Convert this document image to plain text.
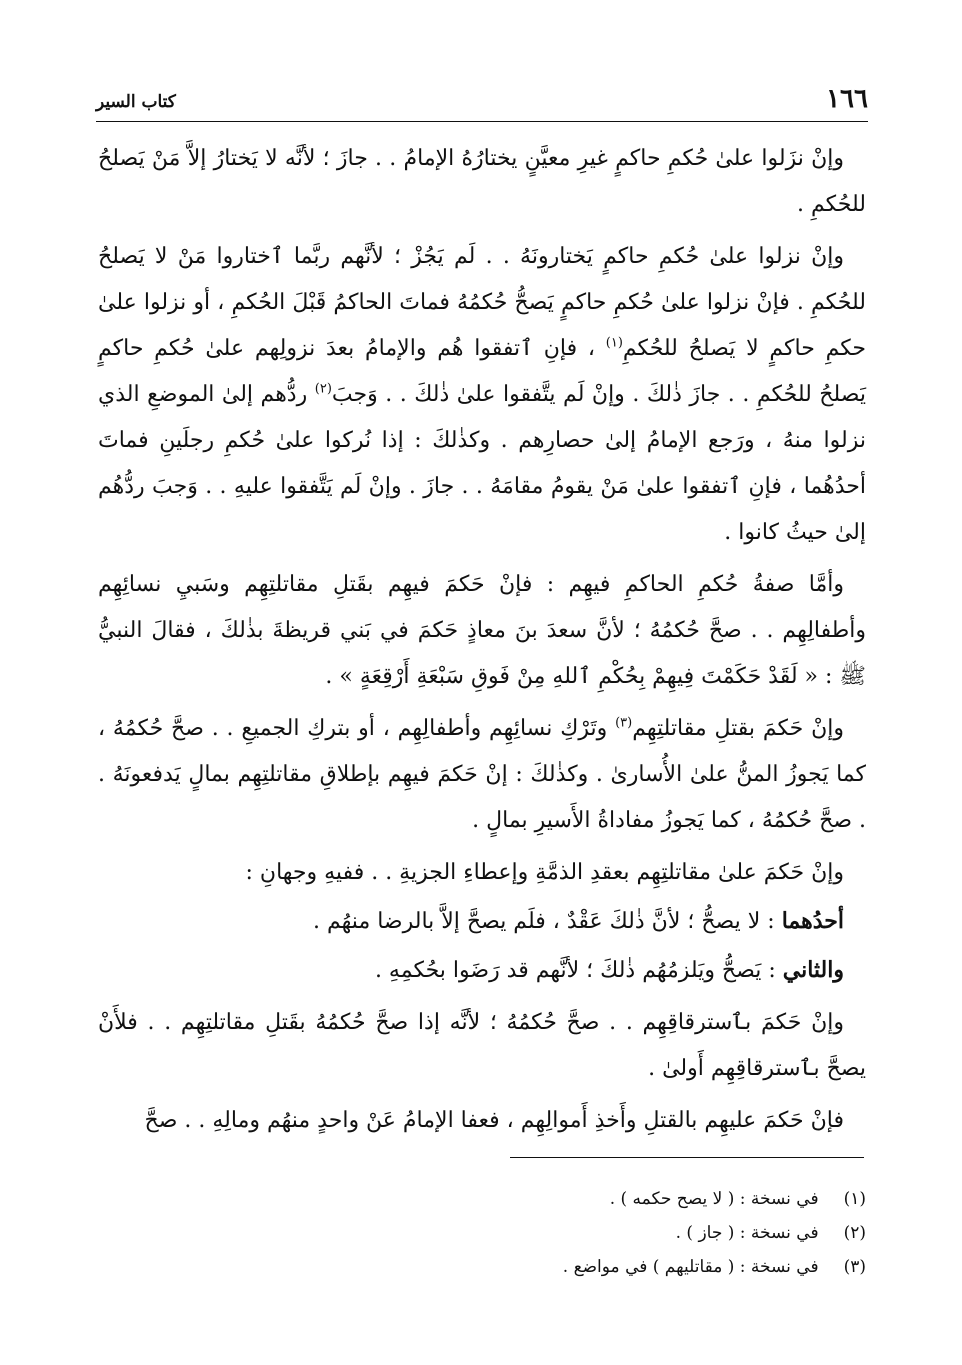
١٦٦
كتاب السير

وإنْ نزَلوا علىٰ حُكمِ حاكمٍ غيرِ معيَّنٍ يختارُهُ الإمامُ . . جازَ ؛ لأنَّه لا يَختارُ إلاَّ مَنْ يَصلحُ للحُكمِ .

وإنْ نزلوا علىٰ حُكمِ حاكمٍ يَختارونَهُ . . لَم يَجُزْ ؛ لأنَّهم ربَّما ٱختاروا مَنْ لا يَصلحُ للحُكمِ . فإنْ نزلوا علىٰ حُكمِ حاكمٍ يَصحُّ حُكمُهُ فماتَ الحاكمُ قَبْلَ الحُكمِ ، أو نزلوا علىٰ حكمِ حاكمٍ لا يَصلحُ للحُكمِ$^{(١)}$ ، فإنِ ٱتفقوا هُم والإمامُ بعدَ نزولِهم علىٰ حُكمِ حاكمٍ يَصلحُ للحُكمِ . . جازَ ذٰلكَ . وإنْ لَم يتَّفقوا علىٰ ذٰلكَ . . وَجبَ$^{(٢)}$ ردُّهم إلىٰ الموضعِ الذي نزلوا منهُ ، ورَجع الإمامُ إلىٰ حصارِهم . وكذٰلكَ : إذا نُركوا علىٰ حُكمِ رجلَينِ فماتَ أحدُهُما ، فإنِ ٱتفقوا علىٰ مَنْ يقومُ مقامَهُ . . جازَ . وإنْ لَم يَتَّفقوا عليهِ . . وَجبَ ردُّهُم إلىٰ حيثُ كانوا .

وأمَّا صفةُ حُكمِ الحاكمِ فيهِم : فإنْ حَكمَ فيهِم بقَتلِ مقاتلتِهِم وسَبيِ نسائِهِم وأطفالِهِم . . صحَّ حُكمُهُ ؛ لأنَّ سعدَ بنَ معاذٍ حَكمَ في بَني قريظةَ بذٰلكَ ، فقالَ النبيُّ ﷺ : « لَقَدْ حَكَمْتَ فِيهِمْ بِحُكْمِ ٱللهِ مِنْ فَوقِ سَبْعَةِ أَرْقِعَةٍ » .

وإنْ حَكمَ بقتلِ مقاتلتِهِم$^{(٣)}$ وتَرْكِ نسائِهِم وأطفالِهِم ، أو بتركِ الجميعِ . . صحَّ حُكمُهُ ، كما يَجوزُ المنُّ علىٰ الأُسارىٰ . وكذٰلكَ : إنْ حَكمَ فيهِم بإطلاقِ مقاتلتِهِم بمالٍ يَدفعونَهُ . . صحَّ حُكمُهُ ، كما يَجوزُ مفاداةُ الأَسيرِ بمالٍ .

وإنْ حَكمَ علىٰ مقاتلتِهِم بعقدِ الذمَّةِ وإعطاءِ الجزيةِ . . ففيهِ وجهانِ :

أحدُهما : لا يصحُّ ؛ لأنَّ ذٰلكَ عَقْدٌ ، فلَم يصحَّ إلاَّ بالرضا منهُم .

والثاني : يَصحُّ ويَلزمُهُم ذٰلكَ ؛ لأنَّهم قد رَضَوا بحُكمِهِ .

وإنْ حَكمَ بٱسترقاقِهِم . . صحَّ حُكمُهُ ؛ لأنَّه إذا صحَّ حُكمُهُ بقَتلِ مقاتلتِهِم . . فلأَنْ يصحَّ بٱسترقاقِهِم أَولىٰ .

فإنْ حَكمَ عليهِم بالقتلِ وأَخذِ أَموالِهِم ، فعفا الإمامُ عَنْ واحدٍ منهُم ومالِهِ . . صحَّ

(١) في نسخة : ( لا يصح حكمه ) .
(٢) في نسخة : ( جاز ) .
(٣) في نسخة : ( مقاتليهم ) في مواضع .
